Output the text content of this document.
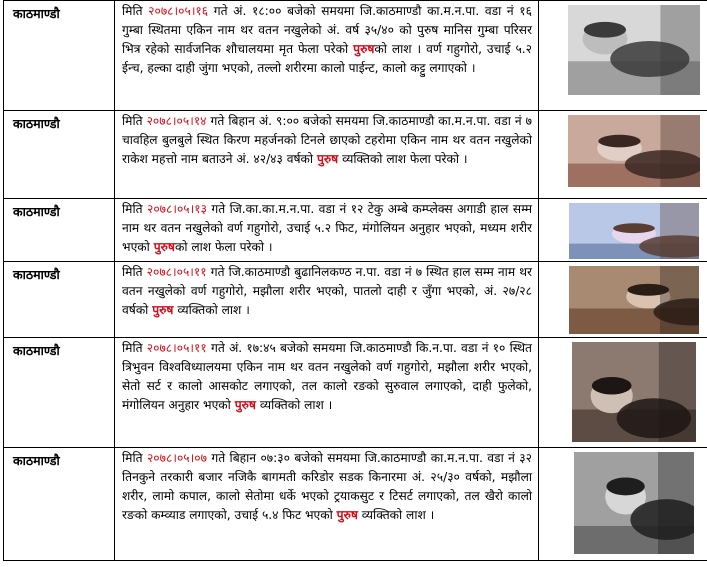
काठमाण्डौ	मिति २०७८।०५।१६ गते अं. १८:०० बजेको समयमा जि.काठमाण्डौ का.म.न.पा. वडा नं १६ गुम्बा स्थितमा एकिन नाम थर वतन नखुलेको अं. वर्ष ३५/४० को पुरुष मानिस गुम्बा परिसर भित्र रहेको सार्वजनिक शौचालयमा मृत फेला परेको पुरुषको लाश । वर्ण गहुगोरो, उचाई ५.२ ईन्च, हल्का दाही जुंगा भएको, तल्लो शरीरमा कालो पाईन्ट, कालो कट्टु लगाएको ।	

काठमाण्डौ	मिति २०७८।०५।१४ गते बिहान अं. ९:०० बजेको समयमा जि.काठमाण्डौ का.म.न.पा. वडा नं ७ चावहिल बुलबुले स्थित किरण महर्जनको टिनले छाएको टहरोमा एकिन नाम थर वतन नखुलेको राकेश महत्तो नाम बताउने अं. ४२/४३ वर्षको पुरुष व्यक्तिको लाश फेला परेको ।	

काठमाण्डौ	मिति २०७८।०५।१३ गते जि.का.का.म.न.पा. वडा नं १२ टेकु अम्बे कम्प्लेक्स अगाडी हाल सम्म नाम थर वतन नखुलेको वर्ण गहुगोरो, उचाई ५.२ फिट, मंगोलियन अनुहार भएको, मध्यम शरीर भएको पुरुषको लाश फेला परेको ।	

काठमाण्डौ	मिति २०७८।०५।११ गते जि.काठमाण्डौ बुढानिलकण्ठ न.पा. वडा नं ७ स्थित हाल सम्म नाम थर वतन नखुलेको वर्ण गहुगोरो, मझौला शरीर भएको, पातलो दाही र जुँगा भएको, अं. २७/२८ वर्षको पुरुष व्यक्तिको लाश ।	

काठमाण्डौ	मिति २०७८।०५।११ गते अं. १७:४५ बजेको समयमा जि.काठमाण्डौ कि.न.पा. वडा नं १० स्थित त्रिभुवन विश्वविध्यालयमा एकिन नाम थर वतन नखुलेको वर्ण गहुगोरो, मझौला शरीर भएको, सेतो सर्ट र कालो आसकोट लगाएको, तल कालो रङको सुरुवाल लगाएको, दाही फुलेको, मंगोलियन अनुहार भएको पुरुष व्यक्तिको लाश ।	

काठमाण्डौ	मिति २०७८।०५।०७ गते बिहान ०७:३० बजेको समयमा जि.काठमाण्डौ का.म.न.पा. वडा नं ३२ तिनकुने तरकारी बजार नजिकै बागमती करिडोर सडक किनारमा अं. २५/३० वर्षको, मझौला शरीर, लामो कपाल, कालो सेतोमा धर्के भएको ट्रयाकसुट र टिसर्ट लगाएको, तल खैरो कालो रङको कम्व्याड लगाएको, उचाई ५.४ फिट भएको पुरुष व्यक्तिको लाश ।	
